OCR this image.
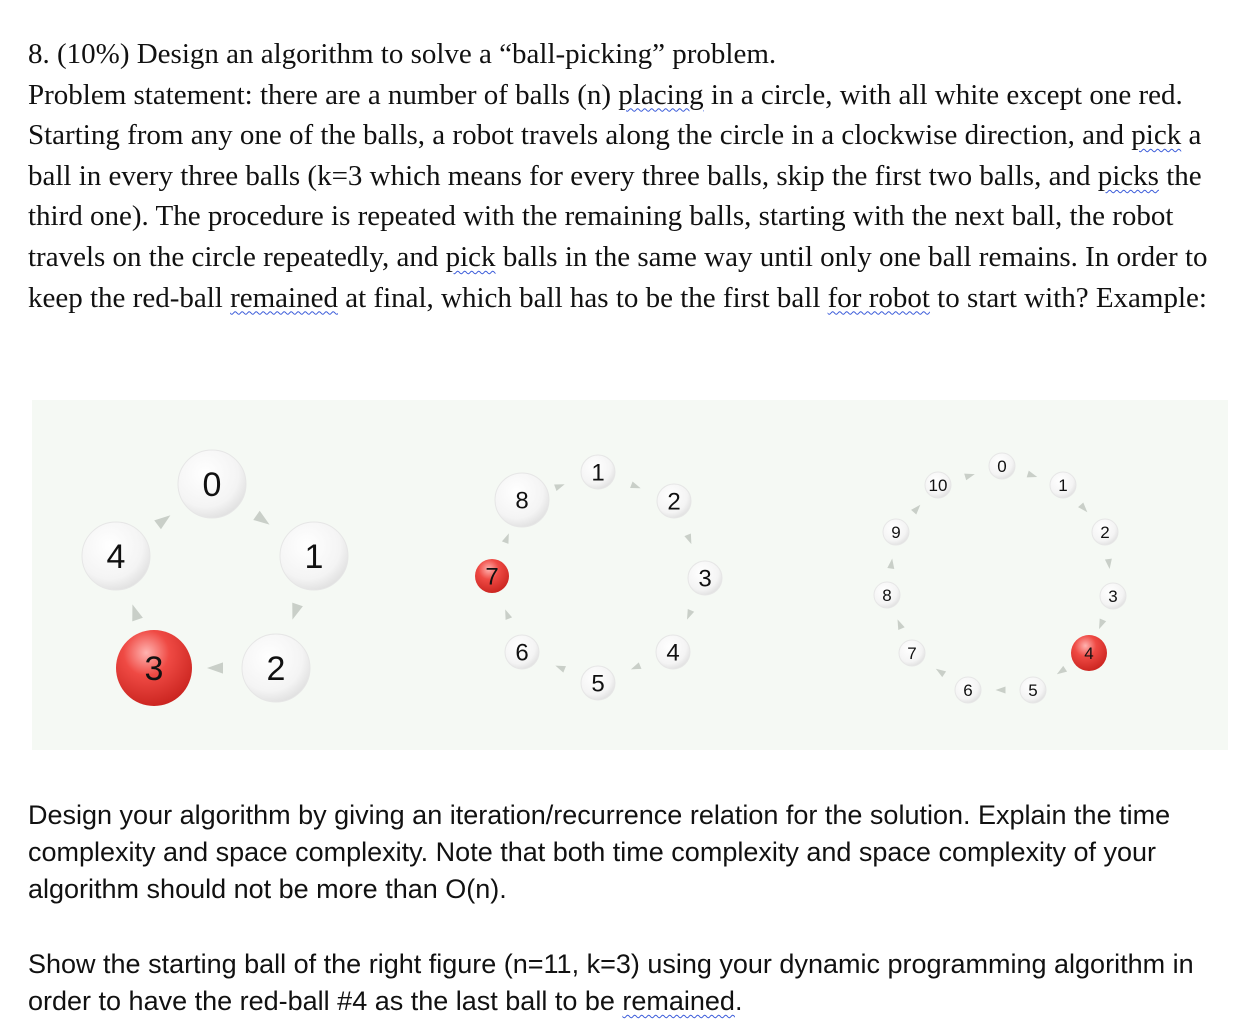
8. (10%) Design an algorithm to solve a “ball-picking” problem.

Problem statement: there are a number of balls (n) placing in a circle, with all white except one red. Starting from any one of the balls, a robot travels along the circle in a clockwise direction, and pick a ball in every three balls (k=3 which means for every three balls, skip the first two balls, and picks the third one). The procedure is repeated with the remaining balls, starting with the next ball, the robot travels on the circle repeatedly, and pick balls in the same way until only one ball remains. In order to keep the red-ball remained at final, which ball has to be the first ball for robot to start with? Example:

0
1
2
3
4
1
2
3
4
5
6
7
8
0
1
2
3
4
5
6
7
8
9
10

Design your algorithm by giving an iteration/recurrence relation for the solution. Explain the time complexity and space complexity. Note that both time complexity and space complexity of your algorithm should not be more than O(n).

Show the starting ball of the right figure (n=11, k=3) using your dynamic programming algorithm in order to have the red-ball #4 as the last ball to be remained.
